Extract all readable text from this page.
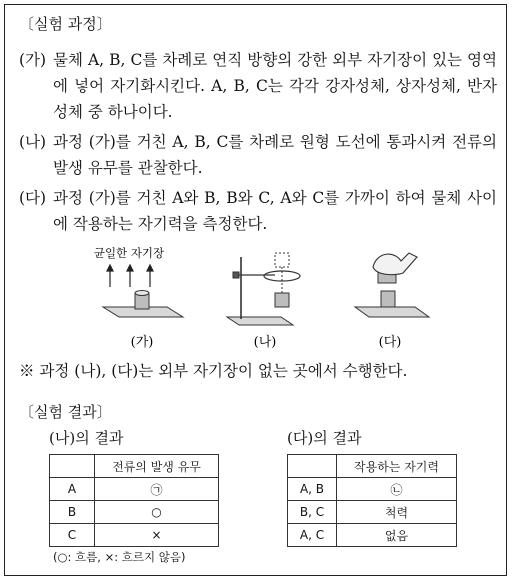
〔실험 과정〕
(가) 물체 A, B, C를 차례로 연직 방향의 강한 외부 자기장이 있는 영역에 넣어 자기화시킨다. A, B, C는 각각 강자성체, 상자성체, 반자성체 중 하나이다.
(나) 과정 (가)를 거친 A, B, C를 차례로 원형 도선에 통과시켜 전류의 발생 유무를 관찰한다.
(다) 과정 (가)를 거친 A와 B, B와 C, A와 C를 가까이 하여 물체 사이에 작용하는 자기력을 측정한다.
균일한 자기장
(가)	(나)	(다)
※ 과정 (나), (다)는 외부 자기장이 없는 곳에서 수행한다.
〔실험 결과〕
(나)의 결과
	전류의 발생 유무
A	㉠
B	○
C	×
(다)의 결과
	작용하는 자기력
A, B	㉡
B, C	척력
A, C	없음
(○: 흐름, ×: 흐르지 않음)
